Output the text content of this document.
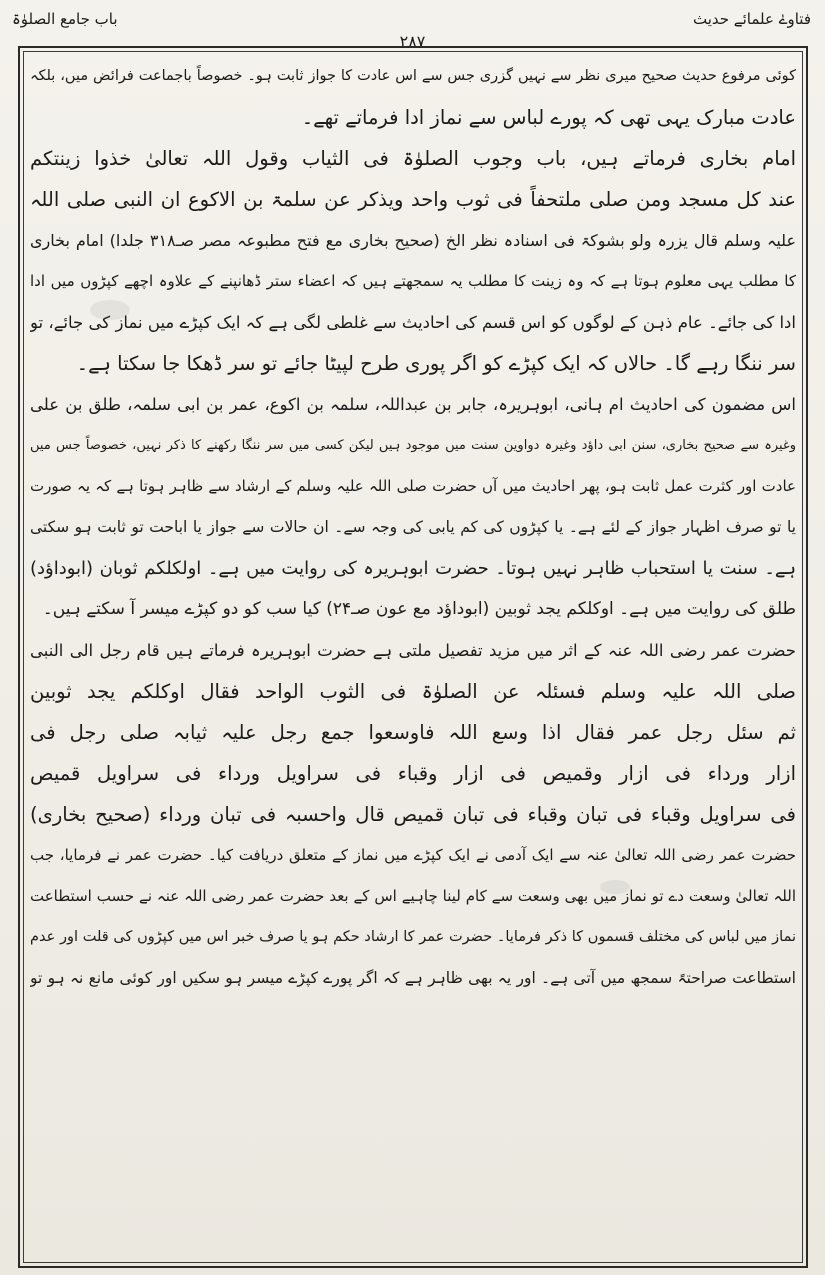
فتاوےٰ علمائے حدیث
باب جامع الصلوٰۃ
۲۸۷
کوئی مرفوع حدیث صحیح میری نظر سے نہیں گزری جس سے اس عادت کا جواز ثابت ہو۔ خصوصاً باجماعت فرائض میں، بلکہ
عادت مبارک یہی تھی کہ پورے لباس سے نماز ادا فرماتے تھے۔
امام بخاری فرماتے ہیں، باب وجوب الصلوٰۃ فی الثیاب وقول اللہ تعالیٰ خذوا زینتکم
عند کل مسجد ومن صلی ملتحفاً فی ثوب واحد ویذکر عن سلمۃ بن الاکوع ان النبی صلی اللہ
علیہ وسلم قال یزرہ ولو بشوکۃ فی اسنادہ نظر الخ (صحیح بخاری مع فتح مطبوعہ مصر صـ۳۱۸ جلدا) امام بخاری
کا مطلب یہی معلوم ہوتا ہے کہ وہ زینت کا مطلب یہ سمجھتے ہیں کہ اعضاء ستر ڈھانپنے کے علاوہ اچھے کپڑوں میں ادا
ادا کی جائے۔ عام ذہن کے لوگوں کو اس قسم کی احادیث سے غلطی لگی ہے کہ ایک کپڑے میں نماز کی جائے، تو
سر ننگا رہے گا۔ حالاں کہ ایک کپڑے کو اگر پوری طرح لپیٹا جائے تو سر ڈھکا جا سکتا ہے۔
اس مضمون کی احادیث ام ہانی، ابوہریرہ، جابر بن عبداللہ، سلمہ بن اکوع، عمر بن ابی سلمہ، طلق بن علی
وغیرہ سے صحیح بخاری، سنن ابی داؤد وغیرہ دواوین سنت میں موجود ہیں لیکن کسی میں سر ننگا رکھنے کا ذکر نہیں، خصوصاً جس میں
عادت اور کثرت عمل ثابت ہو، پھر احادیث میں آں حضرت صلی اللہ علیہ وسلم کے ارشاد سے ظاہر ہوتا ہے کہ یہ صورت
یا تو صرف اظہار جواز کے لئے ہے۔ یا کپڑوں کی کم یابی کی وجہ سے۔ ان حالات سے جواز یا اباحت تو ثابت ہو سکتی
ہے۔ سنت یا استحباب ظاہر نہیں ہوتا۔ حضرت ابوہریرہ کی روایت میں ہے۔ اولکلکم ثوبان (ابوداؤد)
طلق کی روایت میں ہے۔ اوکلکم یجد ثوبین (ابوداؤد مع عون صـ۲۴) کیا سب کو دو کپڑے میسر آ سکتے ہیں۔
حضرت عمر رضی اللہ عنہ کے اثر میں مزید تفصیل ملتی ہے حضرت ابوہریرہ فرماتے ہیں قام رجل الی النبی
صلی اللہ علیہ وسلم فسئلہ عن الصلوٰۃ فی الثوب الواحد فقال اوکلکم یجد ثوبین
ثم سئل رجل عمر فقال اذا وسع اللہ فاوسعوا جمع رجل علیہ ثیابہ صلی رجل فی
ازار ورداء فی ازار وقمیص فی ازار وقباء فی سراویل ورداء فی سراویل قمیص
فی سراویل وقباء فی تبان وقباء فی تبان قمیص قال واحسبہ فی تبان ورداء (صحیح بخاری)
حضرت عمر رضی اللہ تعالیٰ عنہ سے ایک آدمی نے ایک کپڑے میں نماز کے متعلق دریافت کیا۔ حضرت عمر نے فرمایا، جب
اللہ تعالیٰ وسعت دے تو نماز میں بھی وسعت سے کام لینا چاہیے اس کے بعد حضرت عمر رضی اللہ عنہ نے حسب استطاعت
نماز میں لباس کی مختلف قسموں کا ذکر فرمایا۔ حضرت عمر کا ارشاد حکم ہو یا صرف خبر اس میں کپڑوں کی قلت اور عدم
استطاعت صراحتہً سمجھ میں آتی ہے۔ اور یہ بھی ظاہر ہے کہ اگر پورے کپڑے میسر ہو سکیں اور کوئی مانع نہ ہو تو
